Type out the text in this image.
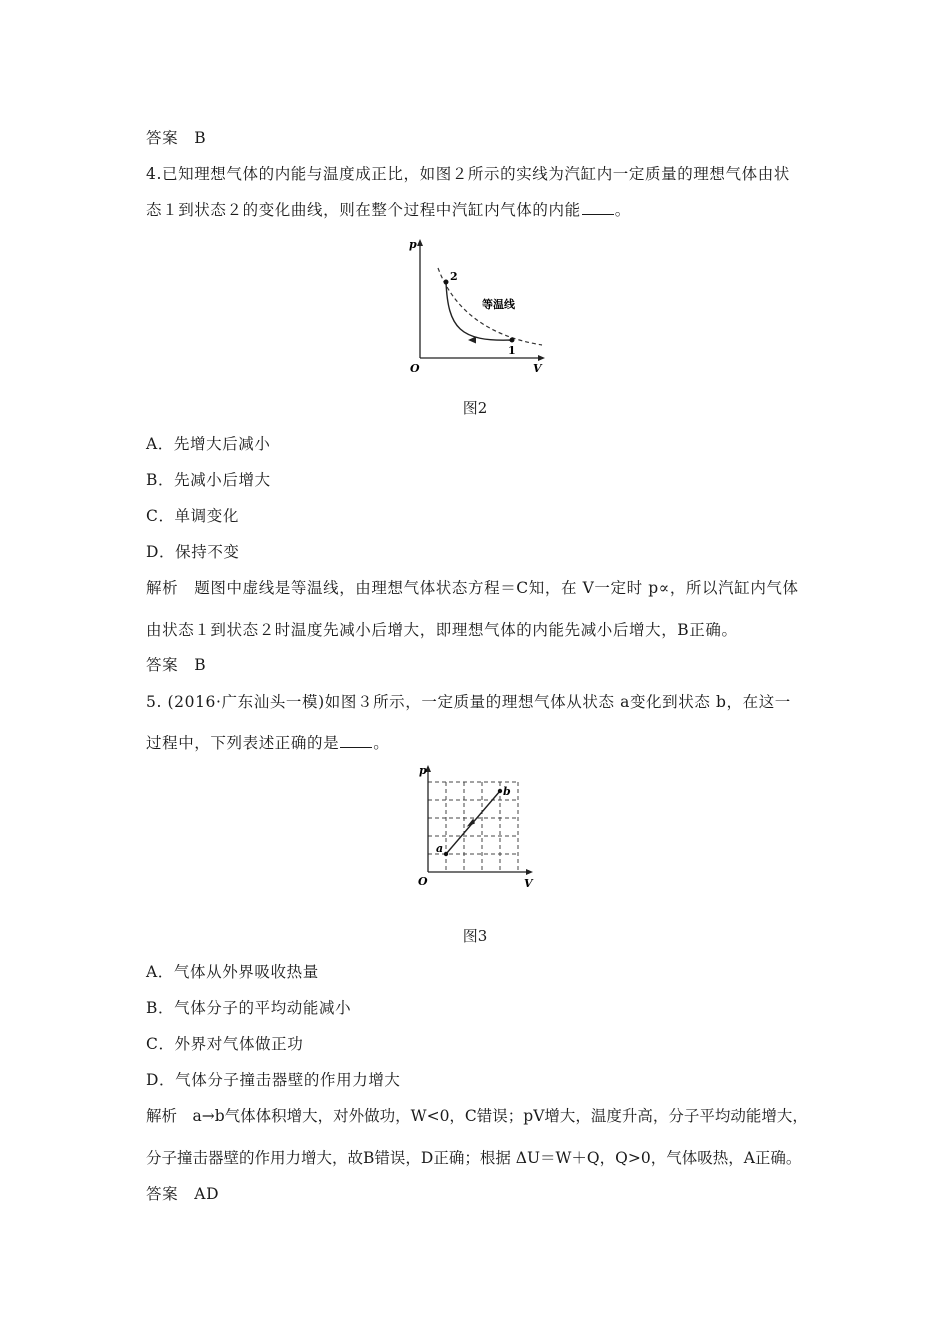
答案　B
4.已知理想气体的内能与温度成正比，如图２所示的实线为汽缸内一定质量的理想气体由状
态１到状态２的变化曲线，则在整个过程中汽缸内气体的内能 。
p
V
O
2
1
等温线
图2
A．先增大后减小
B．先减小后增大
C．单调变化
D．保持不变
解析　题图中虚线是等温线，由理想气体状态方程＝C知，在 V一定时 p∝，所以汽缸内气体
由状态１到状态２时温度先减小后增大，即理想气体的内能先减小后增大，B正确。
答案　B
5. (2016·广东汕头一模)如图３所示，一定质量的理想气体从状态 a变化到状态 b，在这一
过程中，下列表述正确的是 。
p
V
O
a
b
图3
A．气体从外界吸收热量
B．气体分子的平均动能减小
C．外界对气体做正功
D．气体分子撞击器壁的作用力增大
解析　a→b气体体积增大，对外做功，W<0，C错误；pV增大，温度升高，分子平均动能增大，
分子撞击器壁的作用力增大，故B错误，D正确；根据 ΔU＝W＋Q，Q>0，气体吸热，A正确。
答案　AD
